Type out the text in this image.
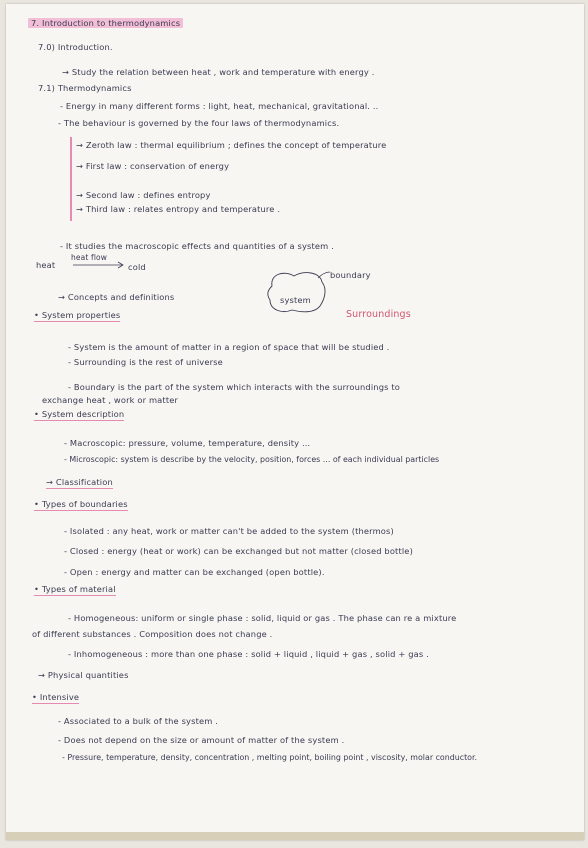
7. Introduction to thermodynamics
7.0) Introduction.
→ Study the relation between heat , work and temperature with energy .
7.1) Thermodynamics
- Energy in many different forms : light, heat, mechanical, gravitational. ..
- The behaviour is governed by the four laws of thermodynamics.
→ Zeroth law : thermal equilibrium ; defines the concept of temperature
→ First law : conservation of energy
→ Second law : defines entropy
→ Third law : relates entropy and temperature .
- It studies the macroscopic effects and quantities of a system .
heat
heat flow
cold
boundary
system
→ Concepts and definitions
Surroundings
• System properties
- System is the amount of matter in a region of space that will be studied .
- Surrounding is the rest of universe
- Boundary is the part of the system which interacts with the surroundings to
exchange heat , work or matter
• System description
- Macroscopic: pressure, volume, temperature, density ...
- Microscopic: system is describe by the velocity, position, forces ... of each individual particles
→ Classification
• Types of boundaries
- Isolated : any heat, work or matter can't be added to the system (thermos)
- Closed : energy (heat or work) can be exchanged but not matter (closed bottle)
- Open : energy and matter can be exchanged (open bottle).
• Types of material
- Homogeneous: uniform or single phase : solid, liquid or gas . The phase can re a mixture
of different substances . Composition does not change .
- Inhomogeneous : more than one phase : solid + liquid , liquid + gas , solid + gas .
→ Physical quantities
• Intensive
- Associated to a bulk of the system .
- Does not depend on the size or amount of matter of the system .
- Pressure, temperature, density, concentration , melting point, boiling point , viscosity, molar conductor.
